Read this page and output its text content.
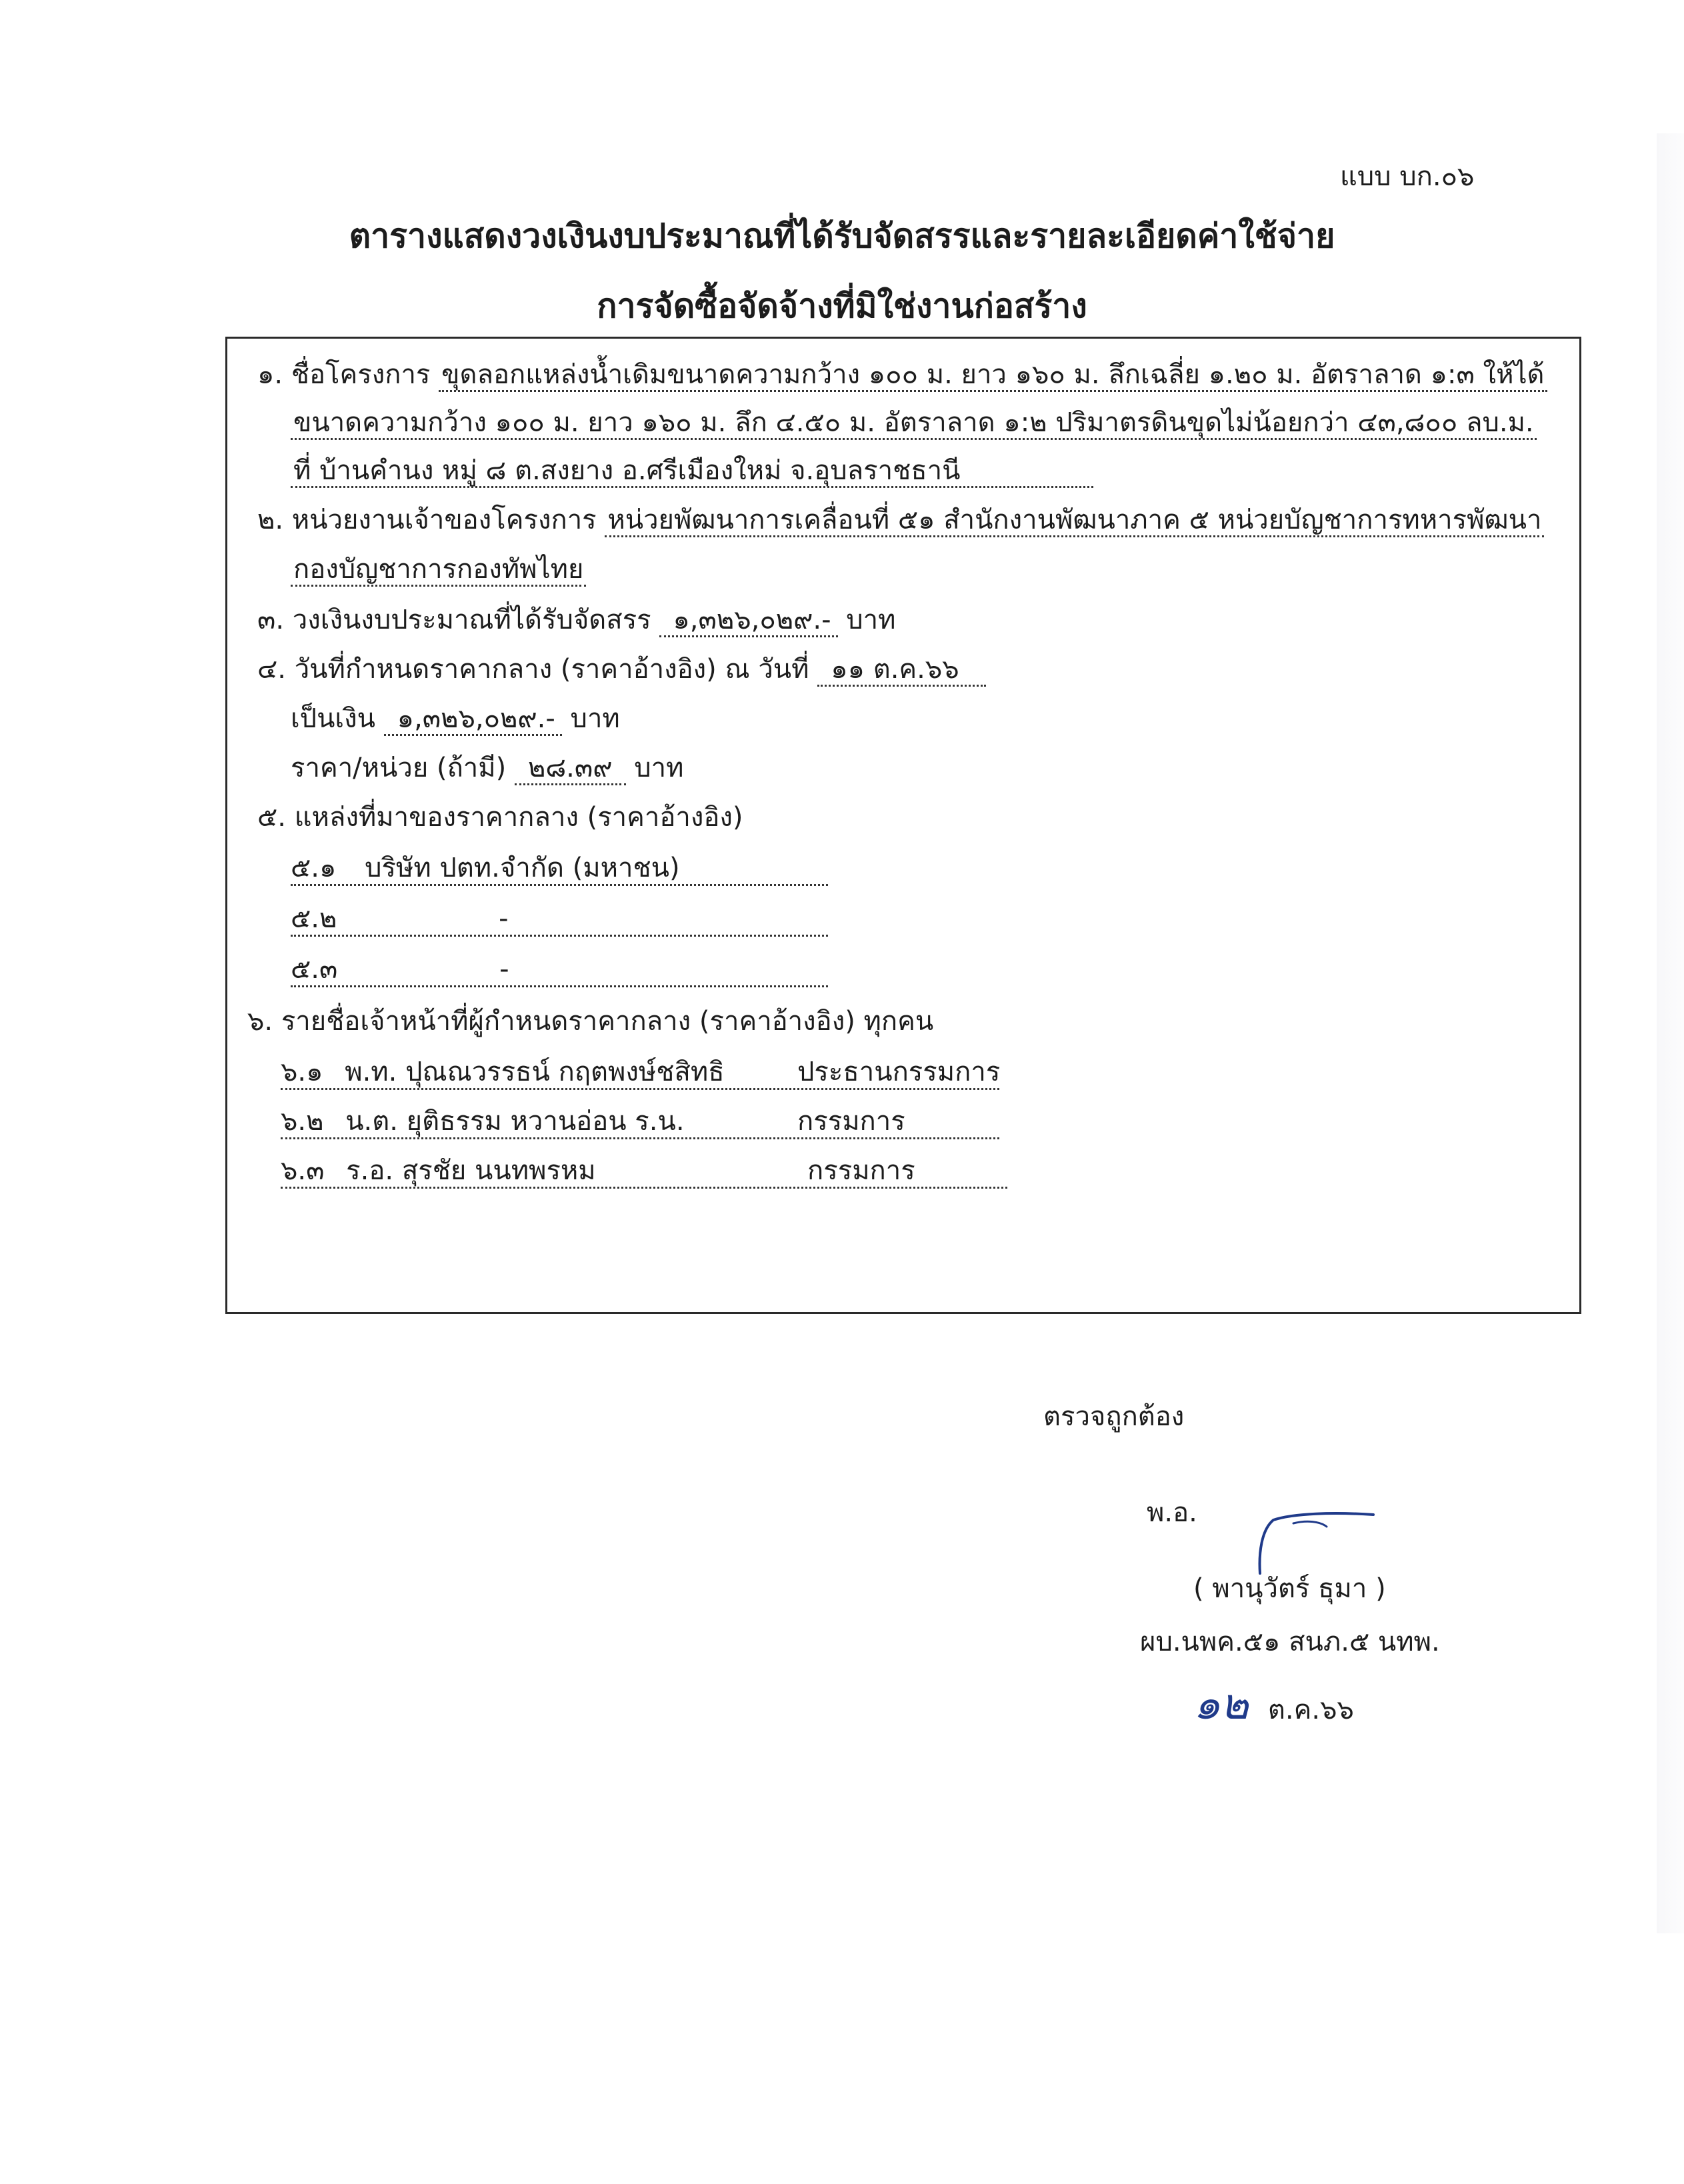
แบบ บก.๐๖
ตารางแสดงวงเงินงบประมาณที่ได้รับจัดสรรและรายละเอียดค่าใช้จ่าย
การจัดซื้อจัดจ้างที่มิใช่งานก่อสร้าง
๑. ชื่อโครงการ ขุดลอกแหล่งน้ำเดิมขนาดความกว้าง ๑๐๐ ม. ยาว ๑๖๐ ม. ลึกเฉลี่ย ๑.๒๐ ม. อัตราลาด ๑:๓ ให้ได้
ขนาดความกว้าง ๑๐๐ ม. ยาว ๑๖๐ ม. ลึก ๔.๕๐ ม. อัตราลาด ๑:๒ ปริมาตรดินขุดไม่น้อยกว่า ๔๓,๘๐๐ ลบ.ม.
ที่ บ้านคำนง หมู่ ๘ ต.สงยาง อ.ศรีเมืองใหม่ จ.อุบลราชธานี
๒. หน่วยงานเจ้าของโครงการ หน่วยพัฒนาการเคลื่อนที่ ๕๑ สำนักงานพัฒนาภาค ๕ หน่วยบัญชาการทหารพัฒนา
กองบัญชาการกองทัพไทย
๓. วงเงินงบประมาณที่ได้รับจัดสรร ๑,๓๒๖,๐๒๙.- บาท
๔. วันที่กำหนดราคากลาง (ราคาอ้างอิง) ณ วันที่ ๑๑ ต.ค.๖๖
เป็นเงิน ๑,๓๒๖,๐๒๙.- บาท
ราคา/หน่วย (ถ้ามี) ๒๘.๓๙ บาท
๕. แหล่งที่มาของราคากลาง (ราคาอ้างอิง)
๕.๑ บริษัท ปตท.จำกัด (มหาชน)
๕.๒	-
๕.๓	-
๖. รายชื่อเจ้าหน้าที่ผู้กำหนดราคากลาง (ราคาอ้างอิง) ทุกคน
๖.๑ พ.ท. ปุณณวรรธน์ กฤตพงษ์ชสิทธิ	ประธานกรรมการ
๖.๒ น.ต. ยุติธรรม หวานอ่อน ร.น.	กรรมการ
๖.๓ ร.อ. สุรชัย นนทพรหม	กรรมการ
ตรวจถูกต้อง
พ.อ.
( พานุวัตร์ ธุมา )
ผบ.นพค.๕๑ สนภ.๕ นทพ.
๑๒ ต.ค.๖๖
